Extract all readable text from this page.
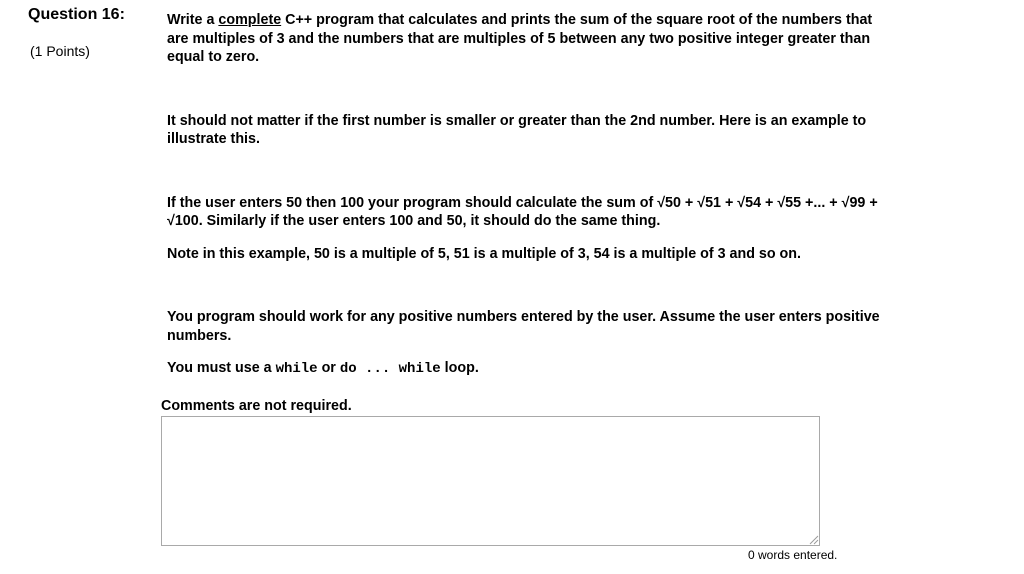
Question 16:
(1 Points)

Write a complete C++ program that calculates and prints the sum of the square root of the numbers that are multiples of 3 and the numbers that are multiples of 5 between any two positive integer greater than equal to zero.

It should not matter if the first number is smaller or greater than the 2nd number. Here is an example to illustrate this.

If the user enters 50 then 100 your program should calculate the sum of √50 + √51 + √54 + √55 +... + √99 + √100. Similarly if the user enters 100 and 50, it should do the same thing.

Note in this example, 50 is a multiple of 5, 51 is a multiple of 3, 54 is a multiple of 3 and so on.

You program should work for any positive numbers entered by the user. Assume the user enters positive numbers.

You must use a while or do ... while loop.

Comments are not required.
0 words entered.
